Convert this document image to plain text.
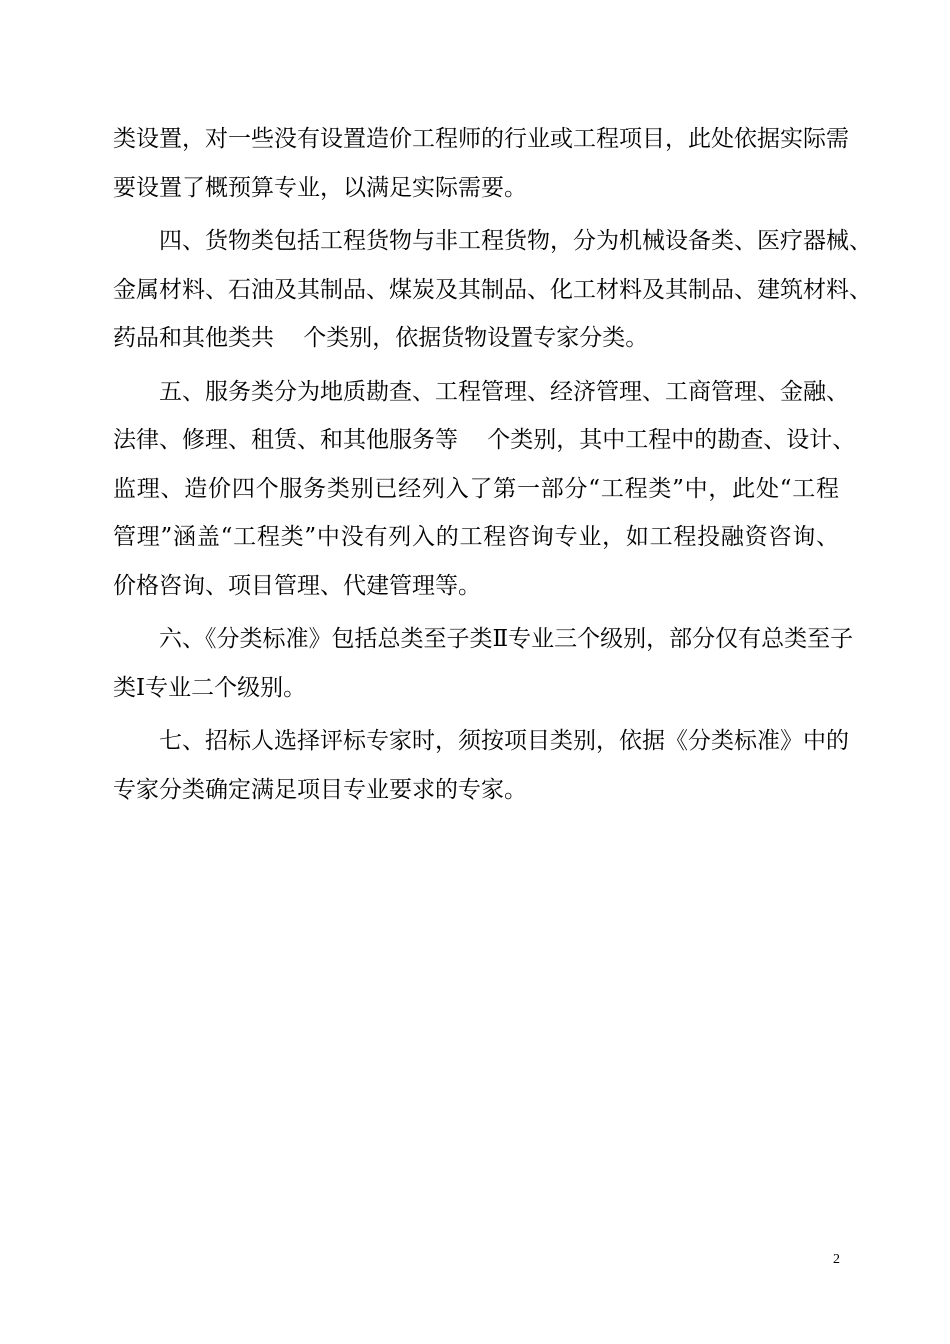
类设置，对一些没有设置造价工程师的行业或工程项目，此处依据实际需
要设置了概预算专业，以满足实际需要。
四、货物类包括工程货物与非工程货物，分为机械设备类、医疗器械、
金属材料、石油及其制品、煤炭及其制品、化工材料及其制品、建筑材料、
药品和其他类共    个类别，依据货物设置专家分类。
五、服务类分为地质勘查、工程管理、经济管理、工商管理、金融、
法律、修理、租赁、和其他服务等    个类别，其中工程中的勘查、设计、
监理、造价四个服务类别已经列入了第一部分“工程类”中，此处“工程
管理”涵盖“工程类”中没有列入的工程咨询专业，如工程投融资咨询、
价格咨询、项目管理、代建管理等。
六、《分类标准》包括总类至子类Ⅱ专业三个级别，部分仅有总类至子
类Ⅰ专业二个级别。
七、招标人选择评标专家时，须按项目类别，依据《分类标准》中的
专家分类确定满足项目专业要求的专家。
2
